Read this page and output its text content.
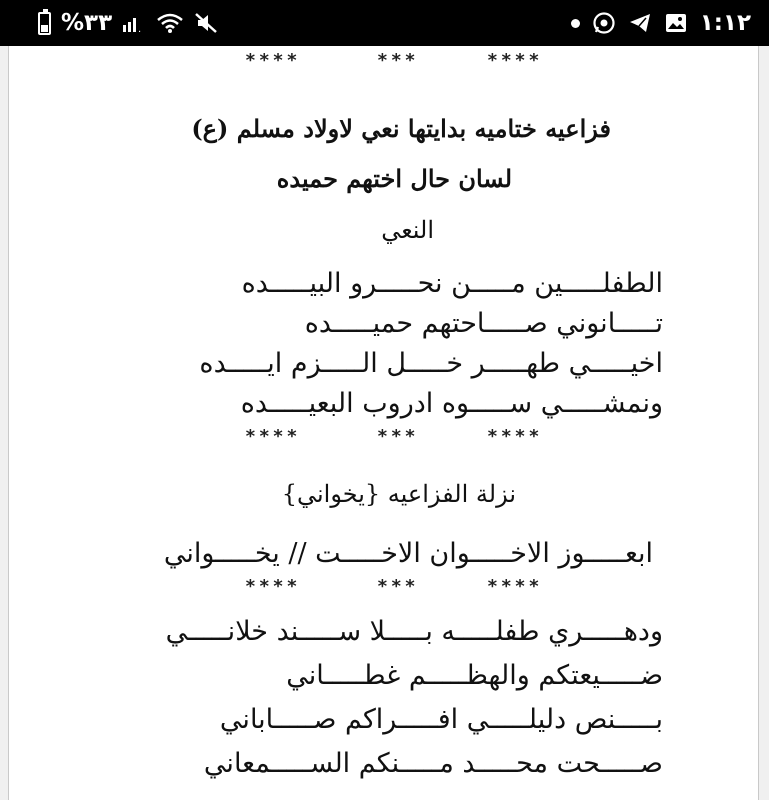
%٣٣	.	١:١٢
****	***	****
فزاعيه ختاميه بدايتها نعي لاولاد مسلم (ع)
لسان حال اختهم حميده
النعي
الطفلـــــين مـــــن نحـــــرو البيـــــده
تـــــانوني صـــــاحتهم حميـــــده
اخيـــــي طهـــــر خـــــل الـــــزم ايـــــده
ونمشـــــي ســـــوه ادروب البعيـــــده
****	***	****
نزلة الفزاعيه {يخواني}
ابعـــــوز الاخـــــوان الاخـــــت // يخـــــواني
****	***	****
ودهـــــري طفلـــــه بـــــلا ســـــند خلانـــــي
ضـــــيعتكم والهظـــــم غطـــــاني
بـــــنص دليلـــــي افـــــراكم صـــــاباني
صـــــحت محـــــد مـــــنكم الســـــمعاني
